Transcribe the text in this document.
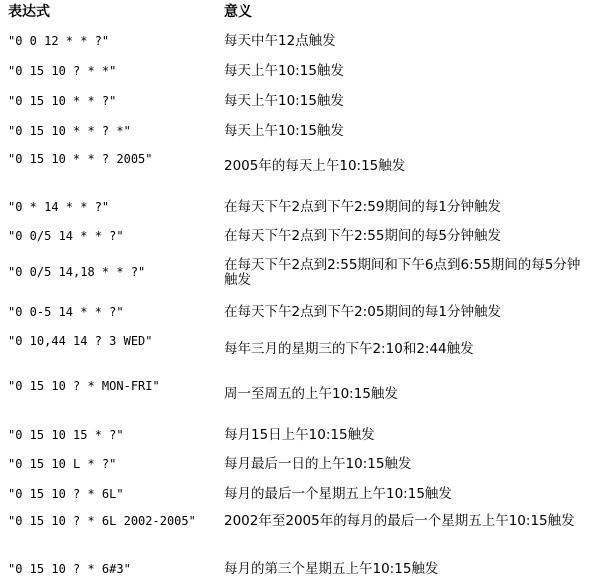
表达式	意义
"0 0 12 * * ?"	每天中午12点触发
"0 15 10 ? * *"	每天上午10:15触发
"0 15 10 * * ?"	每天上午10:15触发
"0 15 10 * * ? *"	每天上午10:15触发
"0 15 10 * * ? 2005"	2005年的每天上午10:15触发
"0 * 14 * * ?"	在每天下午2点到下午2:59期间的每1分钟触发
"0 0/5 14 * * ?"	在每天下午2点到下午2:55期间的每5分钟触发
"0 0/5 14,18 * * ?"	在每天下午2点到2:55期间和下午6点到6:55期间的每5分钟触发
"0 0-5 14 * * ?"	在每天下午2点到下午2:05期间的每1分钟触发
"0 10,44 14 ? 3 WED"	每年三月的星期三的下午2:10和2:44触发
"0 15 10 ? * MON-FRI"	周一至周五的上午10:15触发
"0 15 10 15 * ?"	每月15日上午10:15触发
"0 15 10 L * ?"	每月最后一日的上午10:15触发
"0 15 10 ? * 6L"	每月的最后一个星期五上午10:15触发
"0 15 10 ? * 6L 2002-2005"	2002年至2005年的每月的最后一个星期五上午10:15触发
"0 15 10 ? * 6#3"	每月的第三个星期五上午10:15触发
